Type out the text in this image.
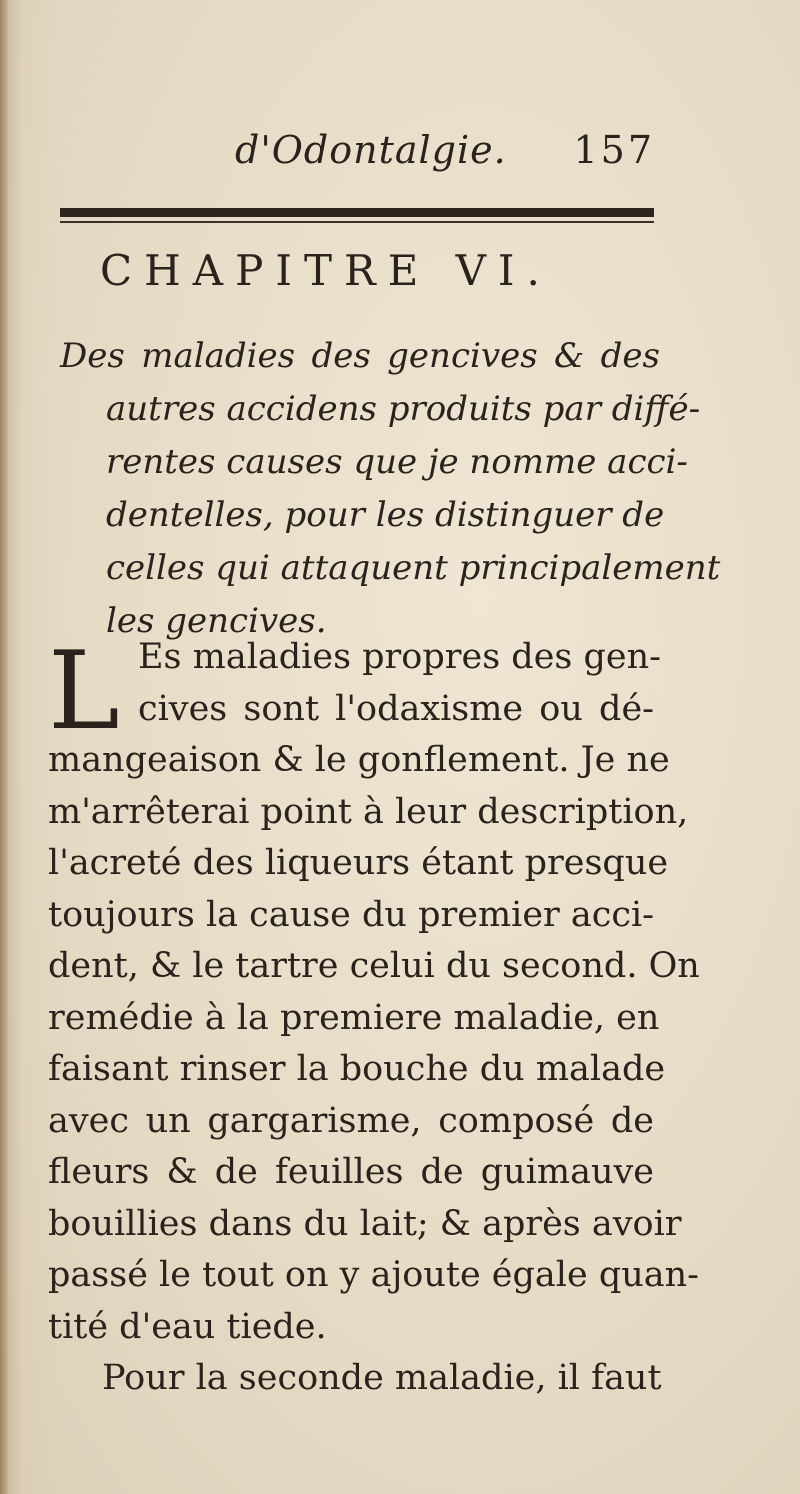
d'Odontalgie. 157
CHAPITRE VI.
Des maladies des gencives & des
autres accidens produits par diffé-
rentes causes que je nomme acci-
dentelles, pour les distinguer de
celles qui attaquent principalement
les gencives.
L Es maladies propres des gen-
cives sont l'odaxisme ou dé-
mangeaison & le gonflement. Je ne
m'arrêterai point à leur description,
l'acreté des liqueurs étant presque
toujours la cause du premier acci-
dent, & le tartre celui du second. On
remédie à la premiere maladie, en
faisant rinser la bouche du malade
avec un gargarisme, composé de
fleurs & de feuilles de guimauve
bouillies dans du lait; & après avoir
passé le tout on y ajoute égale quan-
tité d'eau tiede.
Pour la seconde maladie, il faut
